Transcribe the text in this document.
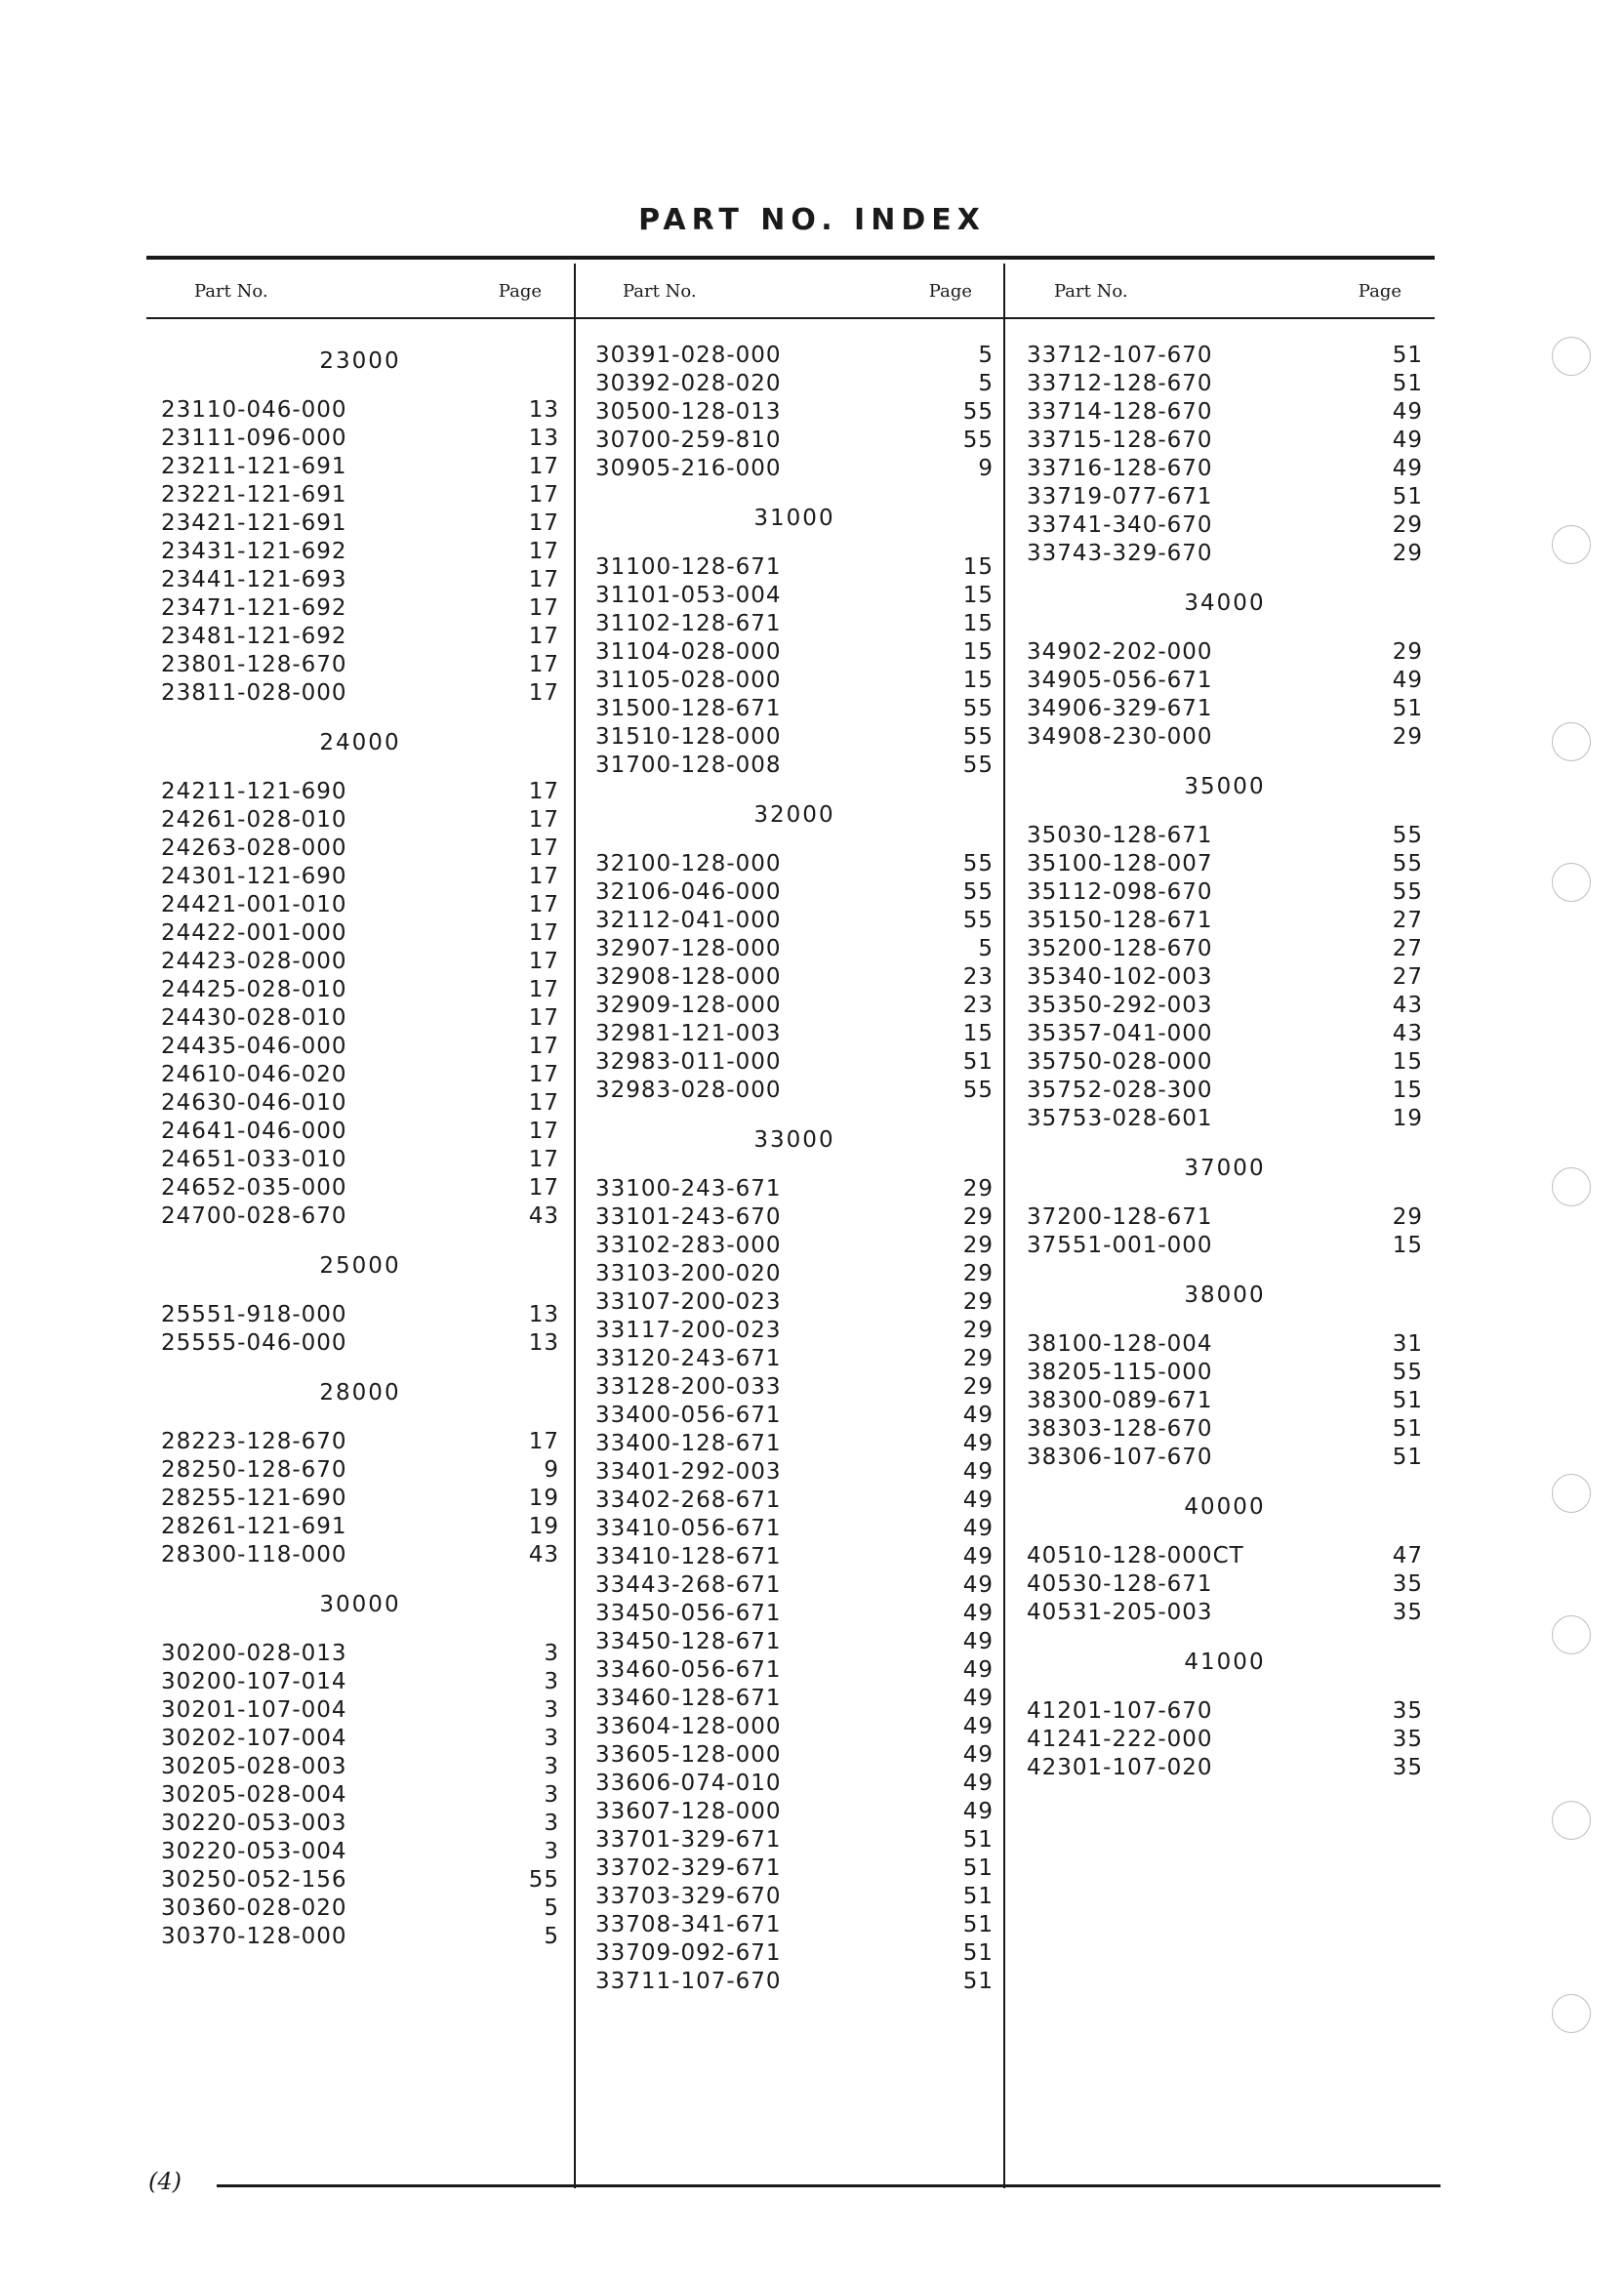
PART NO. INDEX
Part No.	Page
23000
23110-046-000	13
23111-096-000	13
23211-121-691	17
23221-121-691	17
23421-121-691	17
23431-121-692	17
23441-121-693	17
23471-121-692	17
23481-121-692	17
23801-128-670	17
23811-028-000	17
24000
24211-121-690	17
24261-028-010	17
24263-028-000	17
24301-121-690	17
24421-001-010	17
24422-001-000	17
24423-028-000	17
24425-028-010	17
24430-028-010	17
24435-046-000	17
24610-046-020	17
24630-046-010	17
24641-046-000	17
24651-033-010	17
24652-035-000	17
24700-028-670	43
25000
25551-918-000	13
25555-046-000	13
28000
28223-128-670	17
28250-128-670	9
28255-121-690	19
28261-121-691	19
28300-118-000	43
30000
30200-028-013	3
30200-107-014	3
30201-107-004	3
30202-107-004	3
30205-028-003	3
30205-028-004	3
30220-053-003	3
30220-053-004	3
30250-052-156	55
30360-028-020	5
30370-128-000	5
Part No.	Page
30391-028-000	5
30392-028-020	5
30500-128-013	55
30700-259-810	55
30905-216-000	9
31000
31100-128-671	15
31101-053-004	15
31102-128-671	15
31104-028-000	15
31105-028-000	15
31500-128-671	55
31510-128-000	55
31700-128-008	55
32000
32100-128-000	55
32106-046-000	55
32112-041-000	55
32907-128-000	5
32908-128-000	23
32909-128-000	23
32981-121-003	15
32983-011-000	51
32983-028-000	55
33000
33100-243-671	29
33101-243-670	29
33102-283-000	29
33103-200-020	29
33107-200-023	29
33117-200-023	29
33120-243-671	29
33128-200-033	29
33400-056-671	49
33400-128-671	49
33401-292-003	49
33402-268-671	49
33410-056-671	49
33410-128-671	49
33443-268-671	49
33450-056-671	49
33450-128-671	49
33460-056-671	49
33460-128-671	49
33604-128-000	49
33605-128-000	49
33606-074-010	49
33607-128-000	49
33701-329-671	51
33702-329-671	51
33703-329-670	51
33708-341-671	51
33709-092-671	51
33711-107-670	51
Part No.	Page
33712-107-670	51
33712-128-670	51
33714-128-670	49
33715-128-670	49
33716-128-670	49
33719-077-671	51
33741-340-670	29
33743-329-670	29
34000
34902-202-000	29
34905-056-671	49
34906-329-671	51
34908-230-000	29
35000
35030-128-671	55
35100-128-007	55
35112-098-670	55
35150-128-671	27
35200-128-670	27
35340-102-003	27
35350-292-003	43
35357-041-000	43
35750-028-000	15
35752-028-300	15
35753-028-601	19
37000
37200-128-671	29
37551-001-000	15
38000
38100-128-004	31
38205-115-000	55
38300-089-671	51
38303-128-670	51
38306-107-670	51
40000
40510-128-000CT	47
40530-128-671	35
40531-205-003	35
41000
41201-107-670	35
41241-222-000	35
42301-107-020	35
(4)
